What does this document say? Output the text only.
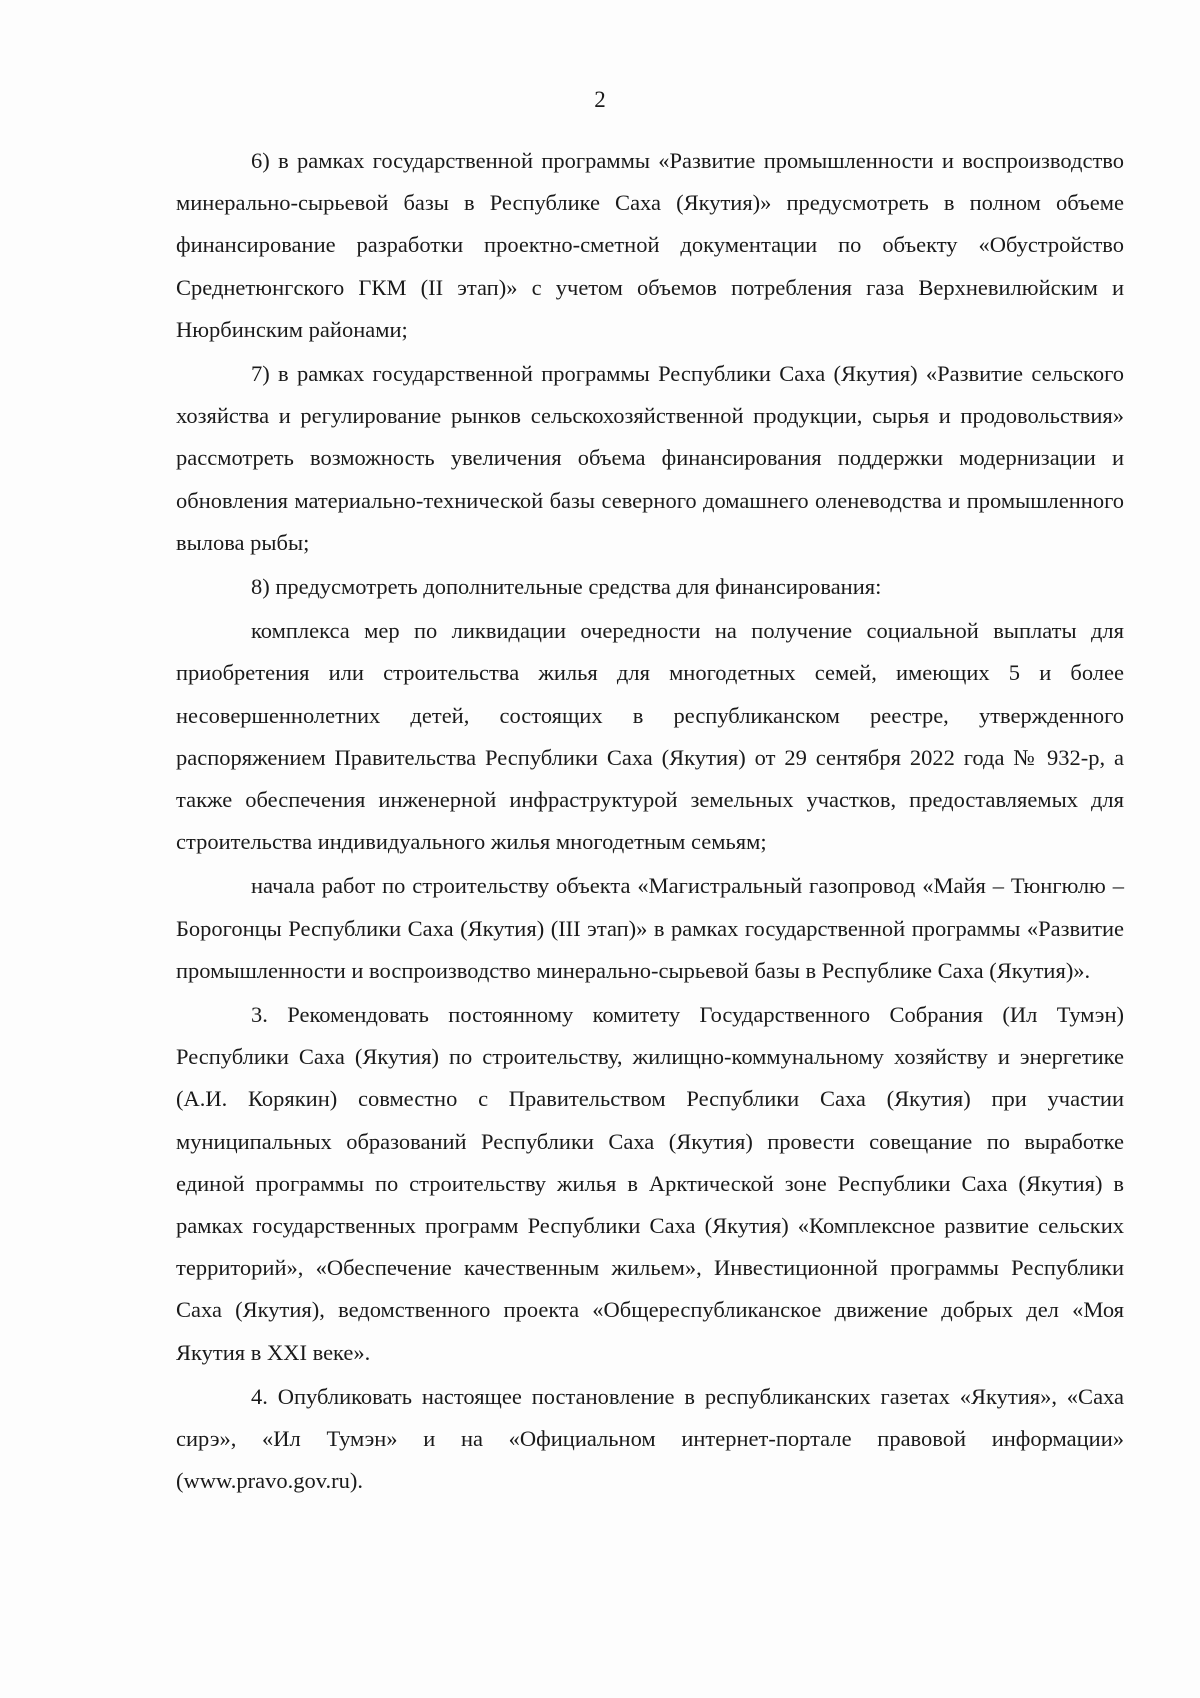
2

6) в рамках государственной программы «Развитие промышленности и воспроизводство минерально-сырьевой базы в Республике Саха (Якутия)» предусмотреть в полном объеме финансирование разработки проектно-сметной документации по объекту «Обустройство Среднетюнгского ГКМ (II этап)» с учетом объемов потребления газа Верхневилюйским и Нюрбинским районами;

7) в рамках государственной программы Республики Саха (Якутия) «Развитие сельского хозяйства и регулирование рынков сельскохозяйственной продукции, сырья и продовольствия» рассмотреть возможность увеличения объема финансирования поддержки модернизации и обновления материально-технической базы северного домашнего оленеводства и промышленного вылова рыбы;

8) предусмотреть дополнительные средства для финансирования:

комплекса мер по ликвидации очередности на получение социальной выплаты для приобретения или строительства жилья для многодетных семей, имеющих 5 и более несовершеннолетних детей, состоящих в республиканском реестре, утвержденного распоряжением Правительства Республики Саха (Якутия) от 29 сентября 2022 года № 932-р, а также обеспечения инженерной инфраструктурой земельных участков, предоставляемых для строительства индивидуального жилья многодетным семьям;

начала работ по строительству объекта «Магистральный газопровод «Майя – Тюнгюлю – Борогонцы Республики Саха (Якутия) (III этап)» в рамках государственной программы «Развитие промышленности и воспроизводство минерально-сырьевой базы в Республике Саха (Якутия)».

3. Рекомендовать постоянному комитету Государственного Собрания (Ил Тумэн) Республики Саха (Якутия) по строительству, жилищно-коммунальному хозяйству и энергетике (А.И. Корякин) совместно с Правительством Республики Саха (Якутия) при участии муниципальных образований Республики Саха (Якутия) провести совещание по выработке единой программы по строительству жилья в Арктической зоне Республики Саха (Якутия) в рамках государственных программ Республики Саха (Якутия) «Комплексное развитие сельских территорий», «Обеспечение качественным жильем», Инвестиционной программы Республики Саха (Якутия), ведомственного проекта «Общереспубликанское движение добрых дел «Моя Якутия в XXI веке».

4. Опубликовать настоящее постановление в республиканских газетах «Якутия», «Саха сирэ», «Ил Тумэн» и на «Официальном интернет-портале правовой информации» (www.pravo.gov.ru).
